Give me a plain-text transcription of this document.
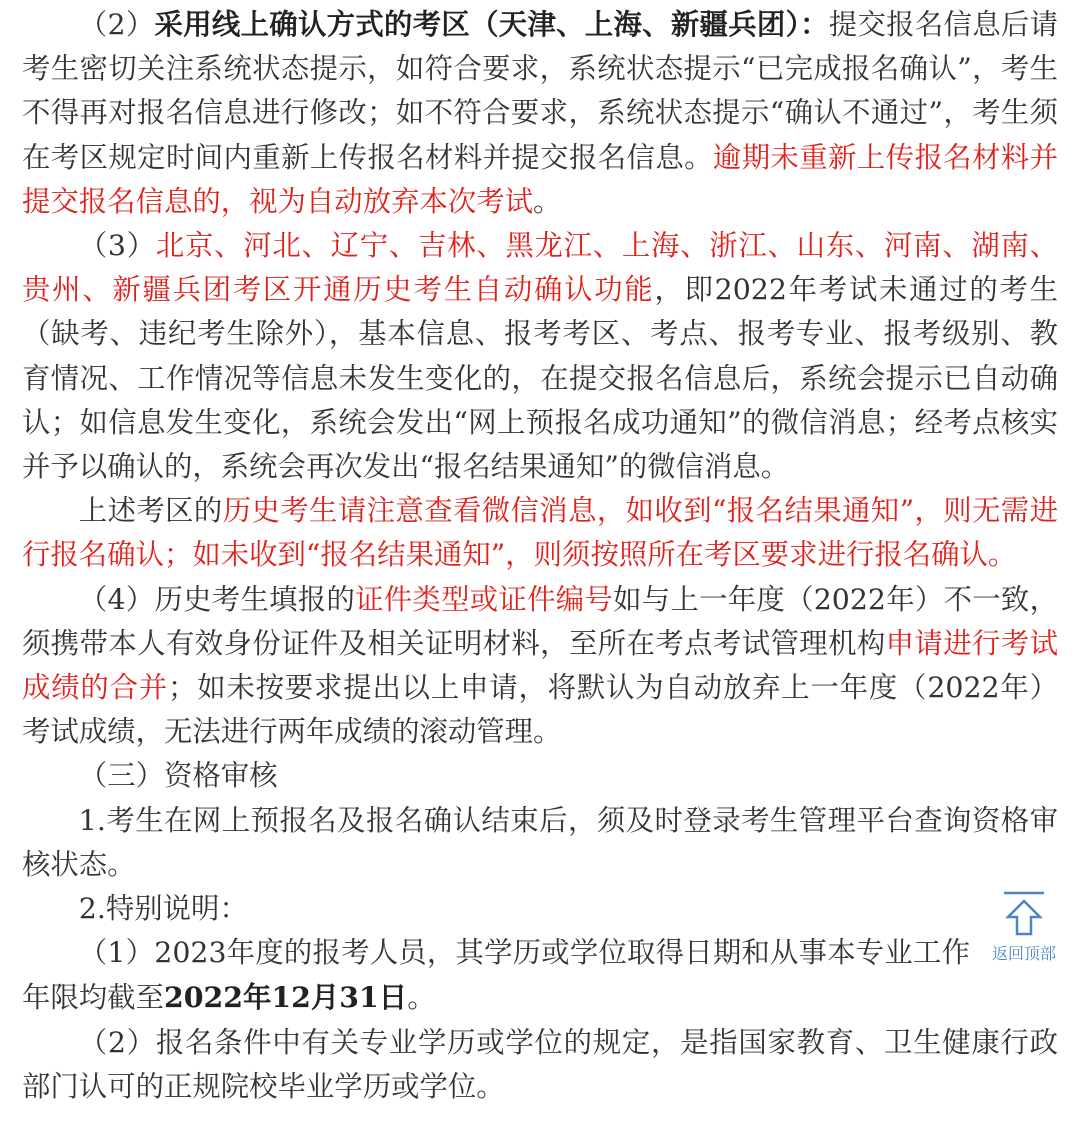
（2）采用线上确认方式的考区（天津、上海、新疆兵团）：提交报名信息后请考生密切关注系统状态提示，如符合要求，系统状态提示“已完成报名确认”，考生不得再对报名信息进行修改；如不符合要求，系统状态提示“确认不通过”，考生须在考区规定时间内重新上传报名材料并提交报名信息。逾期未重新上传报名材料并提交报名信息的，视为自动放弃本次考试。

（3）北京、河北、辽宁、吉林、黑龙江、上海、浙江、山东、河南、湖南、贵州、新疆兵团考区开通历史考生自动确认功能，即2022年考试未通过的考生（缺考、违纪考生除外），基本信息、报考考区、考点、报考专业、报考级别、教育情况、工作情况等信息未发生变化的，在提交报名信息后，系统会提示已自动确认；如信息发生变化，系统会发出“网上预报名成功通知”的微信消息；经考点核实并予以确认的，系统会再次发出“报名结果通知”的微信消息。

上述考区的历史考生请注意查看微信消息，如收到“报名结果通知”，则无需进行报名确认；如未收到“报名结果通知”，则须按照所在考区要求进行报名确认。

（4）历史考生填报的证件类型或证件编号如与上一年度（2022年）不一致，须携带本人有效身份证件及相关证明材料，至所在考点考试管理机构申请进行考试成绩的合并；如未按要求提出以上申请，将默认为自动放弃上一年度（2022年）考试成绩，无法进行两年成绩的滚动管理。

（三）资格审核

1.考生在网上预报名及报名确认结束后，须及时登录考生管理平台查询资格审核状态。

返回顶部
2.特别说明：

（1）2023年度的报考人员，其学历或学位取得日期和从事本专业工作年限均截至2022年12月31日。

（2）报名条件中有关专业学历或学位的规定，是指国家教育、卫生健康行政部门认可的正规院校毕业学历或学位。
